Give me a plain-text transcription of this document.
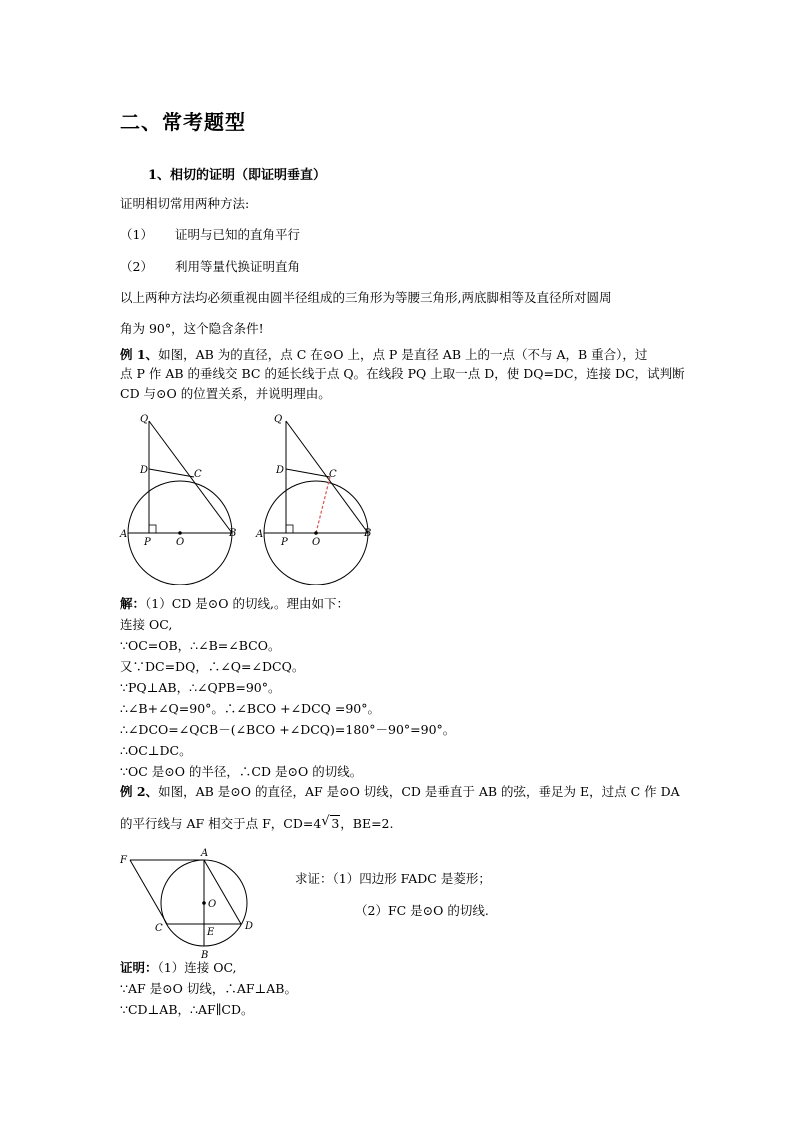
二、常考题型
1、相切的证明（即证明垂直）
证明相切常用两种方法:
（1） 证明与已知的直角平行
（2） 利用等量代换证明直角
以上两种方法均必须重视由圆半径组成的三角形为等腰三角形,两底脚相等及直径所对圆周
角为 90°，这个隐含条件!
例 1、如图，AB 为的直径，点 C 在⊙O 上，点 P 是直径 AB 上的一点（不与 A，B 重合），过
点 P 作 AB 的垂线交 BC 的延长线于点 Q。在线段 PQ 上取一点 D，使 DQ=DC，连接 DC，试判断
CD 与⊙O 的位置关系，并说明理由。
Q
D	C
A
P	O
B
Q
D	C
A
P O
B
解：（1）CD 是⊙O 的切线,。理由如下：
连接 OC,
∵OC=OB，∴∠B=∠BCO。
又∵DC=DQ，∴∠Q=∠DCQ。
∵PQ⊥AB，∴∠QPB=90°。
∴∠B+∠Q=90°。∴∠BCO +∠DCQ =90°。
∴∠DCO=∠QCB－(∠BCO +∠DCQ)=180°－90°=90°。
∴OC⊥DC。
∵OC 是⊙O 的半径，∴CD 是⊙O 的切线。
例 2、如图，AB 是⊙O 的直径，AF 是⊙O 切线，CD 是垂直于 AB 的弦，垂足为 E，过点 C 作 DA
的平行线与 AF 相交于点 F，CD=4√ 3，BE=2.
F
A
O
C	E
D
B
求证：（1）四边形 FADC 是菱形；
（2）FC 是⊙O 的切线.
证明：（1）连接 OC,
∵AF 是⊙O 切线，∴AF⊥AB。
∵CD⊥AB，∴AF∥CD。
